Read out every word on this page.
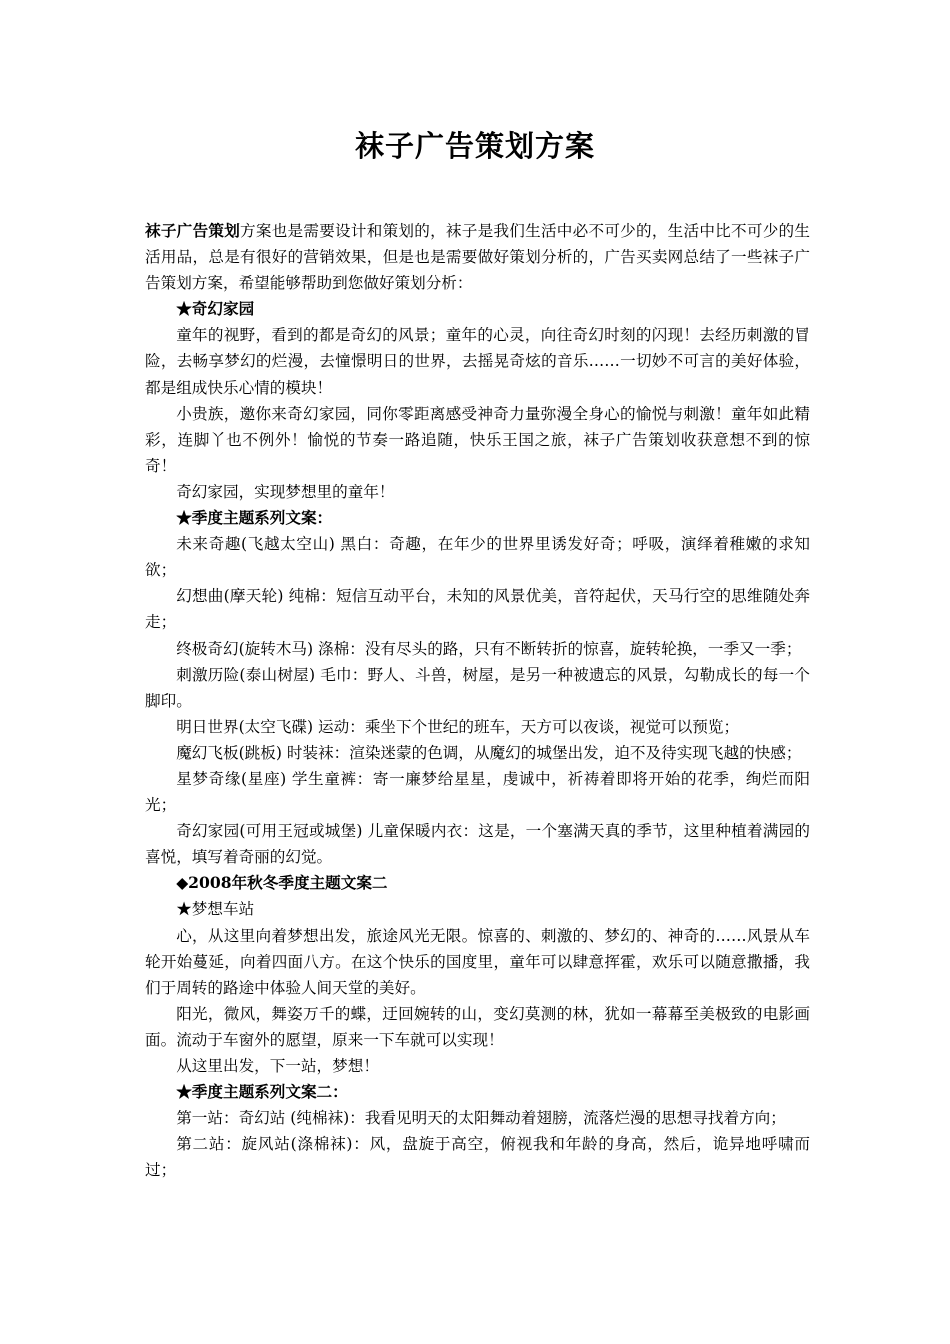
袜子广告策划方案

袜子广告策划方案也是需要设计和策划的，袜子是我们生活中必不可少的，生活中比不可少的生活用品，总是有很好的营销效果，但是也是需要做好策划分析的，广告买卖网总结了一些袜子广告策划方案，希望能够帮助到您做好策划分析：

★奇幻家园

童年的视野，看到的都是奇幻的风景；童年的心灵，向往奇幻时刻的闪现！去经历刺激的冒险，去畅享梦幻的烂漫，去憧憬明日的世界，去摇晃奇炫的音乐……一切妙不可言的美好体验，都是组成快乐心情的模块！

小贵族，邀你来奇幻家园，同你零距离感受神奇力量弥漫全身心的愉悦与刺激！童年如此精彩，连脚丫也不例外！愉悦的节奏一路追随，快乐王国之旅，袜子广告策划收获意想不到的惊奇！

奇幻家园，实现梦想里的童年！

★季度主题系列文案：

未来奇趣(飞越太空山) 黑白：奇趣，在年少的世界里诱发好奇；呼吸，演绎着稚嫩的求知欲；

幻想曲(摩天轮) 纯棉：短信互动平台，未知的风景优美，音符起伏，天马行空的思维随处奔走；

终极奇幻(旋转木马) 涤棉：没有尽头的路，只有不断转折的惊喜，旋转轮换，一季又一季；

刺激历险(泰山树屋) 毛巾：野人、斗兽，树屋，是另一种被遗忘的风景，勾勒成长的每一个脚印。

明日世界(太空飞碟) 运动：乘坐下个世纪的班车，天方可以夜谈，视觉可以预览；

魔幻飞板(跳板) 时装袜：渲染迷蒙的色调，从魔幻的城堡出发，迫不及待实现飞越的快感；

星梦奇缘(星座) 学生童裤：寄一廉梦给星星，虔诚中，祈祷着即将开始的花季，绚烂而阳光；

奇幻家园(可用王冠或城堡) 儿童保暖内衣：这是，一个塞满天真的季节，这里种植着满园的喜悦，填写着奇丽的幻觉。

◆2008年秋冬季度主题文案二

★梦想车站

心，从这里向着梦想出发，旅途风光无限。惊喜的、刺激的、梦幻的、神奇的……风景从车轮开始蔓延，向着四面八方。在这个快乐的国度里，童年可以肆意挥霍，欢乐可以随意撒播，我们于周转的路途中体验人间天堂的美好。

阳光，微风，舞姿万千的蝶，迂回婉转的山，变幻莫测的林，犹如一幕幕至美极致的电影画面。流动于车窗外的愿望，原来一下车就可以实现！

从这里出发，下一站，梦想！

★季度主题系列文案二：

第一站：奇幻站 (纯棉袜)：我看见明天的太阳舞动着翅膀，流落烂漫的思想寻找着方向；

第二站：旋风站(涤棉袜)：风，盘旋于高空，俯视我和年龄的身高，然后，诡异地呼啸而过；
